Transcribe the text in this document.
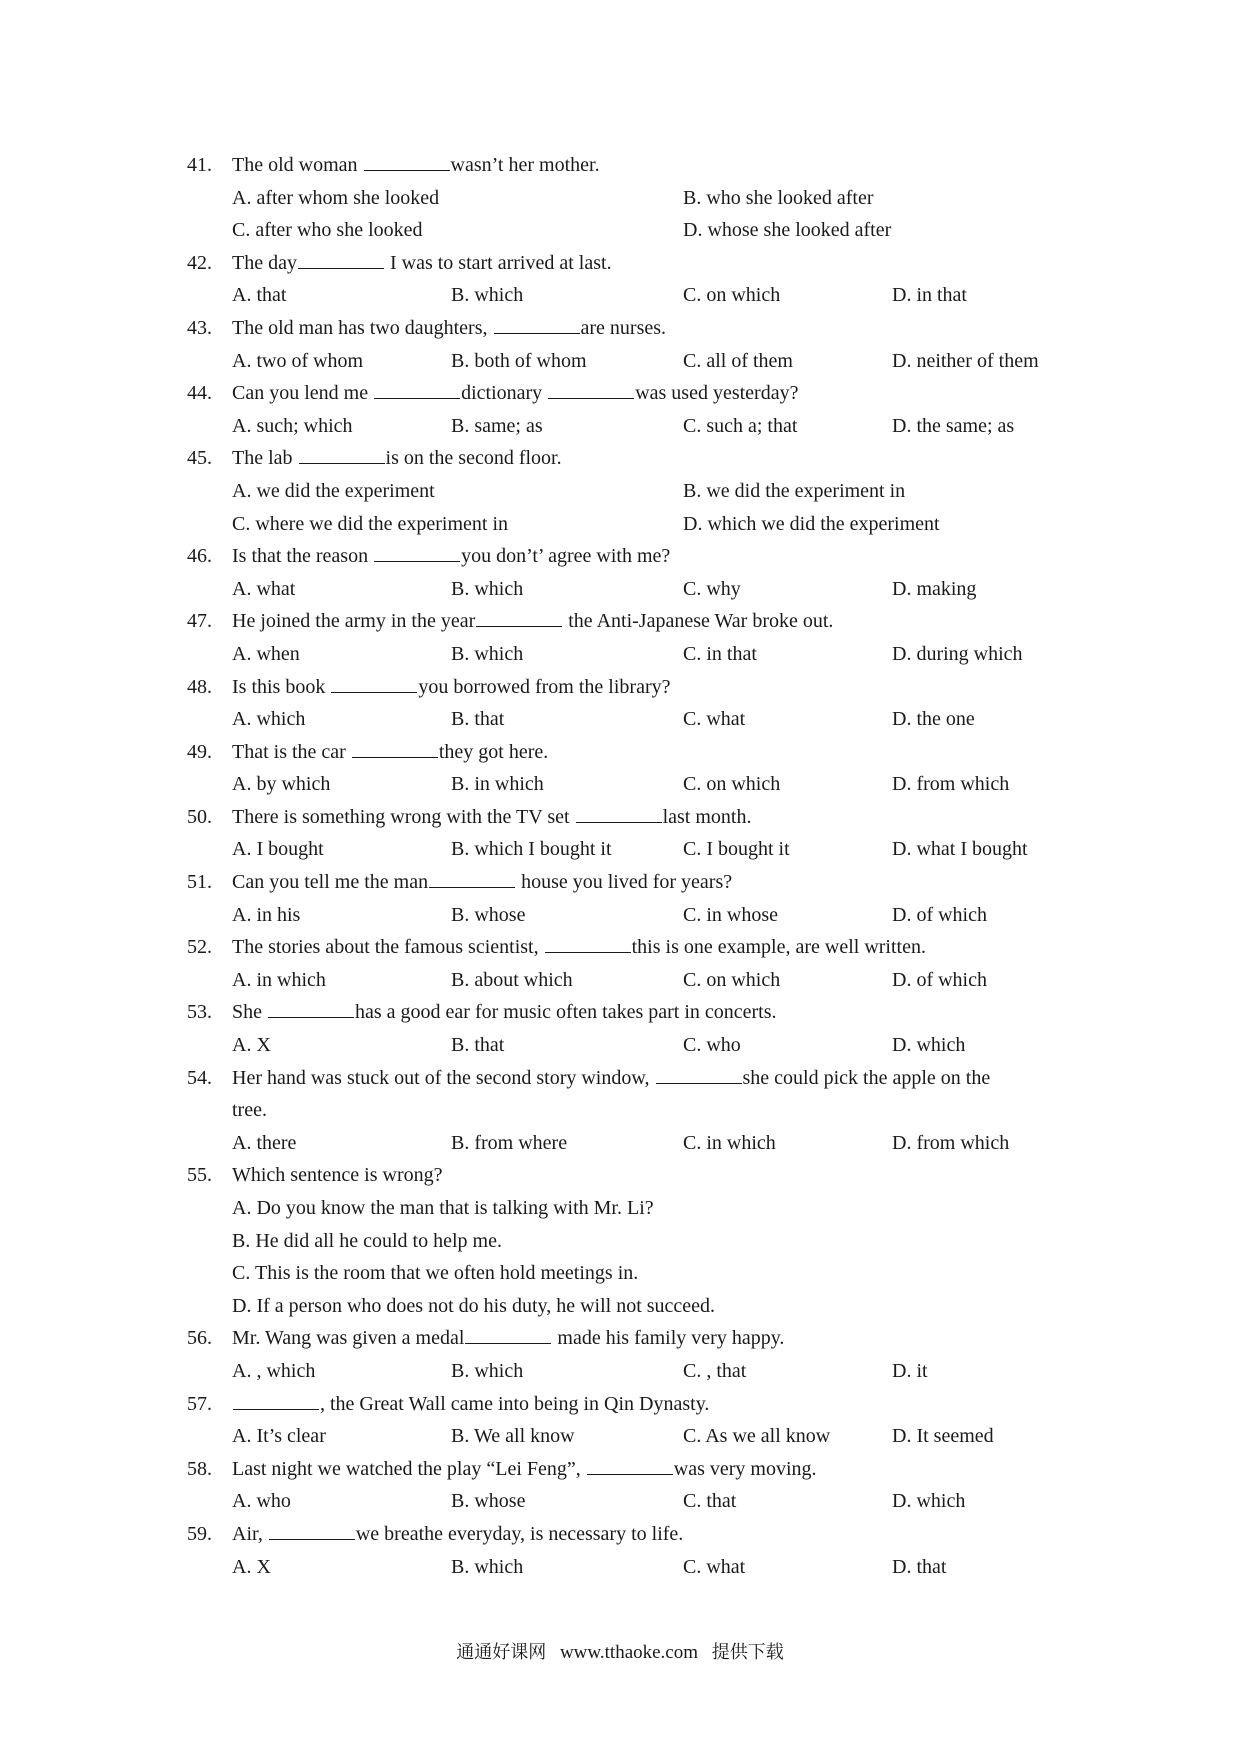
41. The old woman	wasn’t her mother.
A. after whom she looked	B. who she looked after
C. after who she looked	D. whose she looked after
42. The day	I was to start arrived at last.
A. that	B. which	C. on which	D. in that
43. The old man has two daughters,	are nurses.
A. two of whom	B. both of whom	C. all of them	D. neither of them
44. Can you lend me	dictionary	was used yesterday?
A. such; which	B. same; as	C. such a; that	D. the same; as
45. The lab	is on the second floor.
A. we did the experiment	B. we did the experiment in
C. where we did the experiment in	D. which we did the experiment
46. Is that the reason	you don’t’ agree with me?
A. what	B. which	C. why	D. making
47. He joined the army in the year	the Anti-Japanese War broke out.
A. when	B. which	C. in that	D. during which
48. Is this book	you borrowed from the library?
A. which	B. that	C. what	D. the one
49. That is the car	they got here.
A. by which	B. in which	C. on which	D. from which
50. There is something wrong with the TV set	last month.
A. I bought	B. which I bought it	C. I bought it	D. what I bought
51. Can you tell me the man	house you lived for years?
A. in his	B. whose	C. in whose	D. of which
52. The stories about the famous scientist,	this is one example, are well written.
A. in which	B. about which	C. on which	D. of which
53. She	has a good ear for music often takes part in concerts.
A. X	B. that	C. who	D. which
54. Her hand was stuck out of the second story window,	she could pick the apple on the
tree.
A. there	B. from where	C. in which	D. from which
55. Which sentence is wrong?
A. Do you know the man that is talking with Mr. Li?
B. He did all he could to help me.
C. This is the room that we often hold meetings in.
D. If a person who does not do his duty, he will not succeed.
56. Mr. Wang was given a medal	made his family very happy.
A. , which	B. which	C. , that	D. it
57.	, the Great Wall came into being in Qin Dynasty.
A. It’s clear	B. We all know	C. As we all know	D. It seemed
58. Last night we watched the play “Lei Feng”,	was very moving.
A. who	B. whose	C. that	D. which
59. Air,	we breathe everyday, is necessary to life.
A. X	B. which	C. what	D. that
通通好课网 www.tthaoke.com 提供下载
